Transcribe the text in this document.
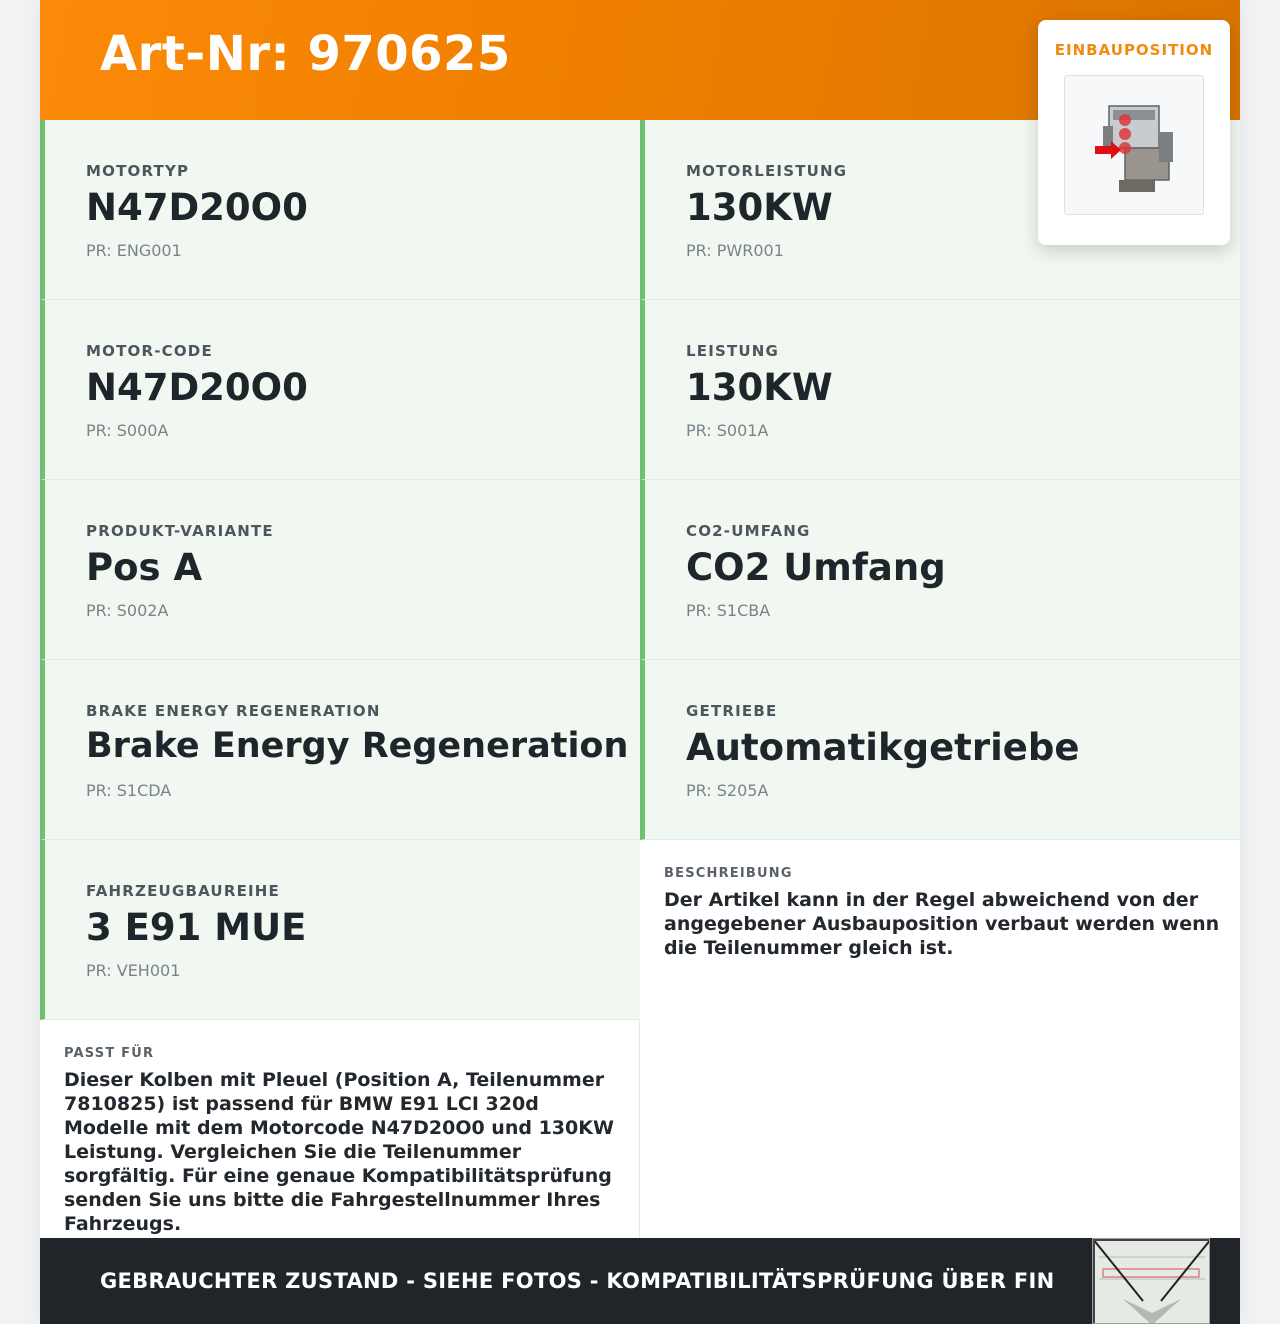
Art-Nr: 970625	EINBAUPOSITION
MOTORTYP
N47D20O0
PR: ENG001
MOTORLEISTUNG
130KW
PR: PWR001
MOTOR-CODE
N47D20O0
PR: S000A
LEISTUNG
130KW
PR: S001A
PRODUKT-VARIANTE
Pos A
PR: S002A
CO2-UMFANG
CO2 Umfang
PR: S1CBA
BRAKE ENERGY REGENERATION
Brake Energy Regeneration
PR: S1CDA
GETRIEBE
Automatikgetriebe
PR: S205A
FAHRZEUGBAUREIHE
3 E91 MUE
PR: VEH001
BESCHREIBUNG
Der Artikel kann in der Regel abweichend von der angegebener Ausbauposition verbaut werden wenn die Teilenummer gleich ist.
PASST FÜR
Dieser Kolben mit Pleuel (Position A, Teilenummer 7810825) ist passend für BMW E91 LCI 320d Modelle mit dem Motorcode N47D20O0 und 130KW Leistung. Vergleichen Sie die Teilenummer sorgfältig. Für eine genaue Kompatibilitätsprüfung senden Sie uns bitte die Fahrgestellnummer Ihres Fahrzeugs.
GEBRAUCHTER ZUSTAND - SIEHE FOTOS - KOMPATIBILITÄTSPRÜFUNG ÜBER FIN
